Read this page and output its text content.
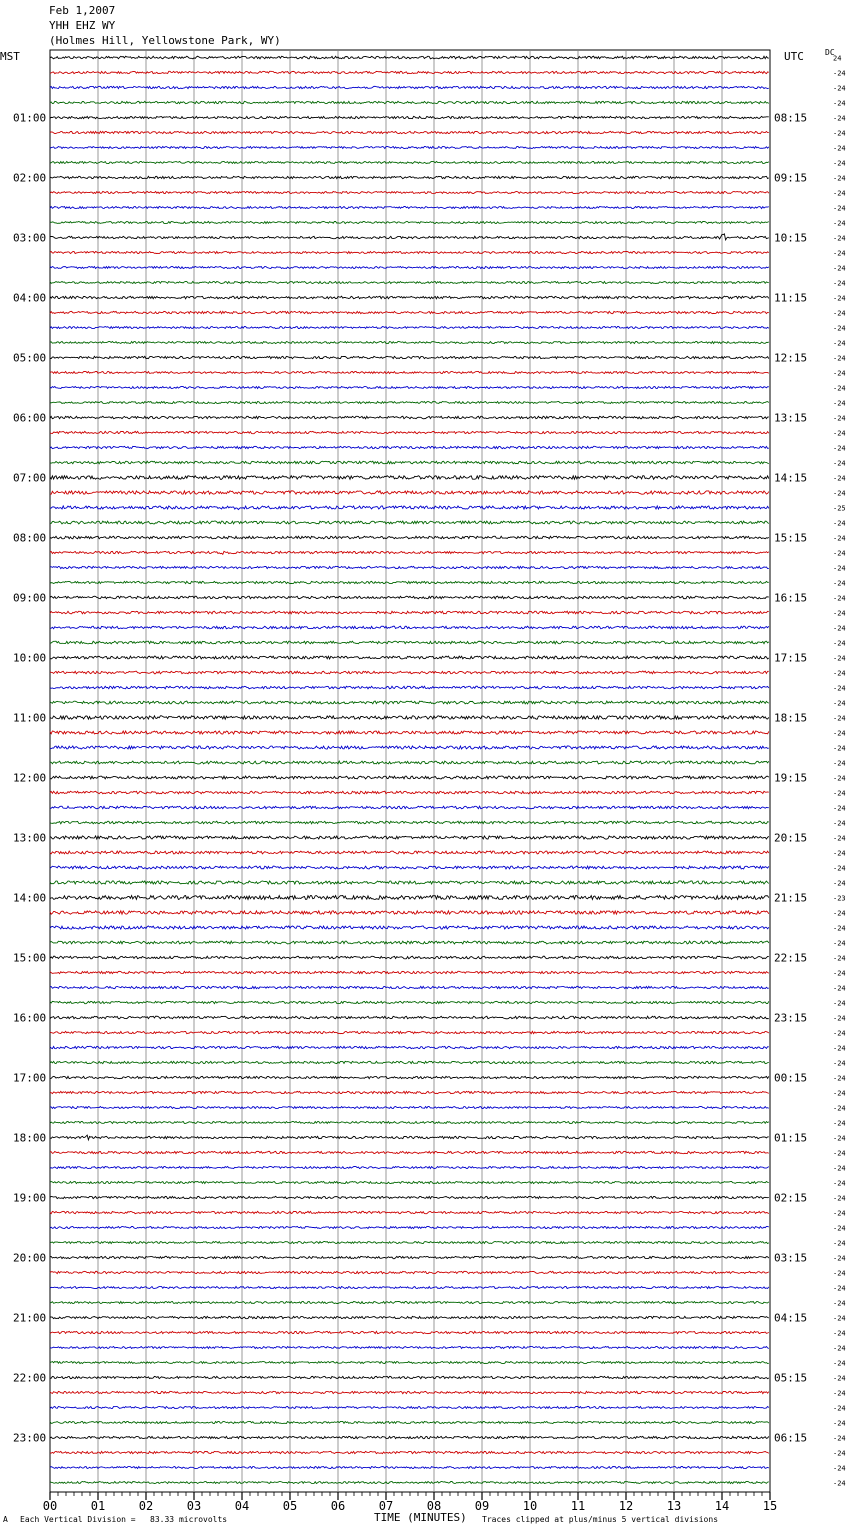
24
-24
-24
-24
-24
-24
-24
-24
-24
-24
-24
-24
-24
-24
-24
-24
-24
-24
-24
-24
-24
-24
-24
-24
-24
-24
-24
-24
-24
-24
-25
-24
-24
-24
-24
-24
-24
-24
-24
-24
-24
-24
-24
-24
-24
-24
-24
-24
-24
-24
-24
-24
-24
-24
-24
-24
-23
-24
-24
-24
-24
-24
-24
-24
-24
-24
-24
-24
-24
-24
-24
-24
-24
-24
-24
-24
-24
-24
-24
-24
-24
-24
-24
-24
-24
-24
-24
-24
-24
-24
-24
-24
-24
-24
-24
-24
01:00
02:00
03:00
04:00
05:00
06:00
07:00
08:00
09:00
10:00
11:00
12:00
13:00
14:00
15:00
16:00
17:00
18:00
19:00
20:00
21:00
22:00
23:00
08:15
09:15
10:15
11:15
12:15
13:15
14:15
15:15
16:15
17:15
18:15
19:15
20:15
21:15
22:15
23:15
00:15
01:15
02:15
03:15
04:15
05:15
06:15
00	01	02	03	04	05	06	07	08	09	10	11	12	13	14	15
Feb 1,2007
YHH EHZ WY
(Holmes Hill, Yellowstone Park, WY)
MST	UTC	DC
A Each Vertical Division =   83.33 microvolts	Traces clipped at plus/minus 5 vertical divisions
TIME (MINUTES)
